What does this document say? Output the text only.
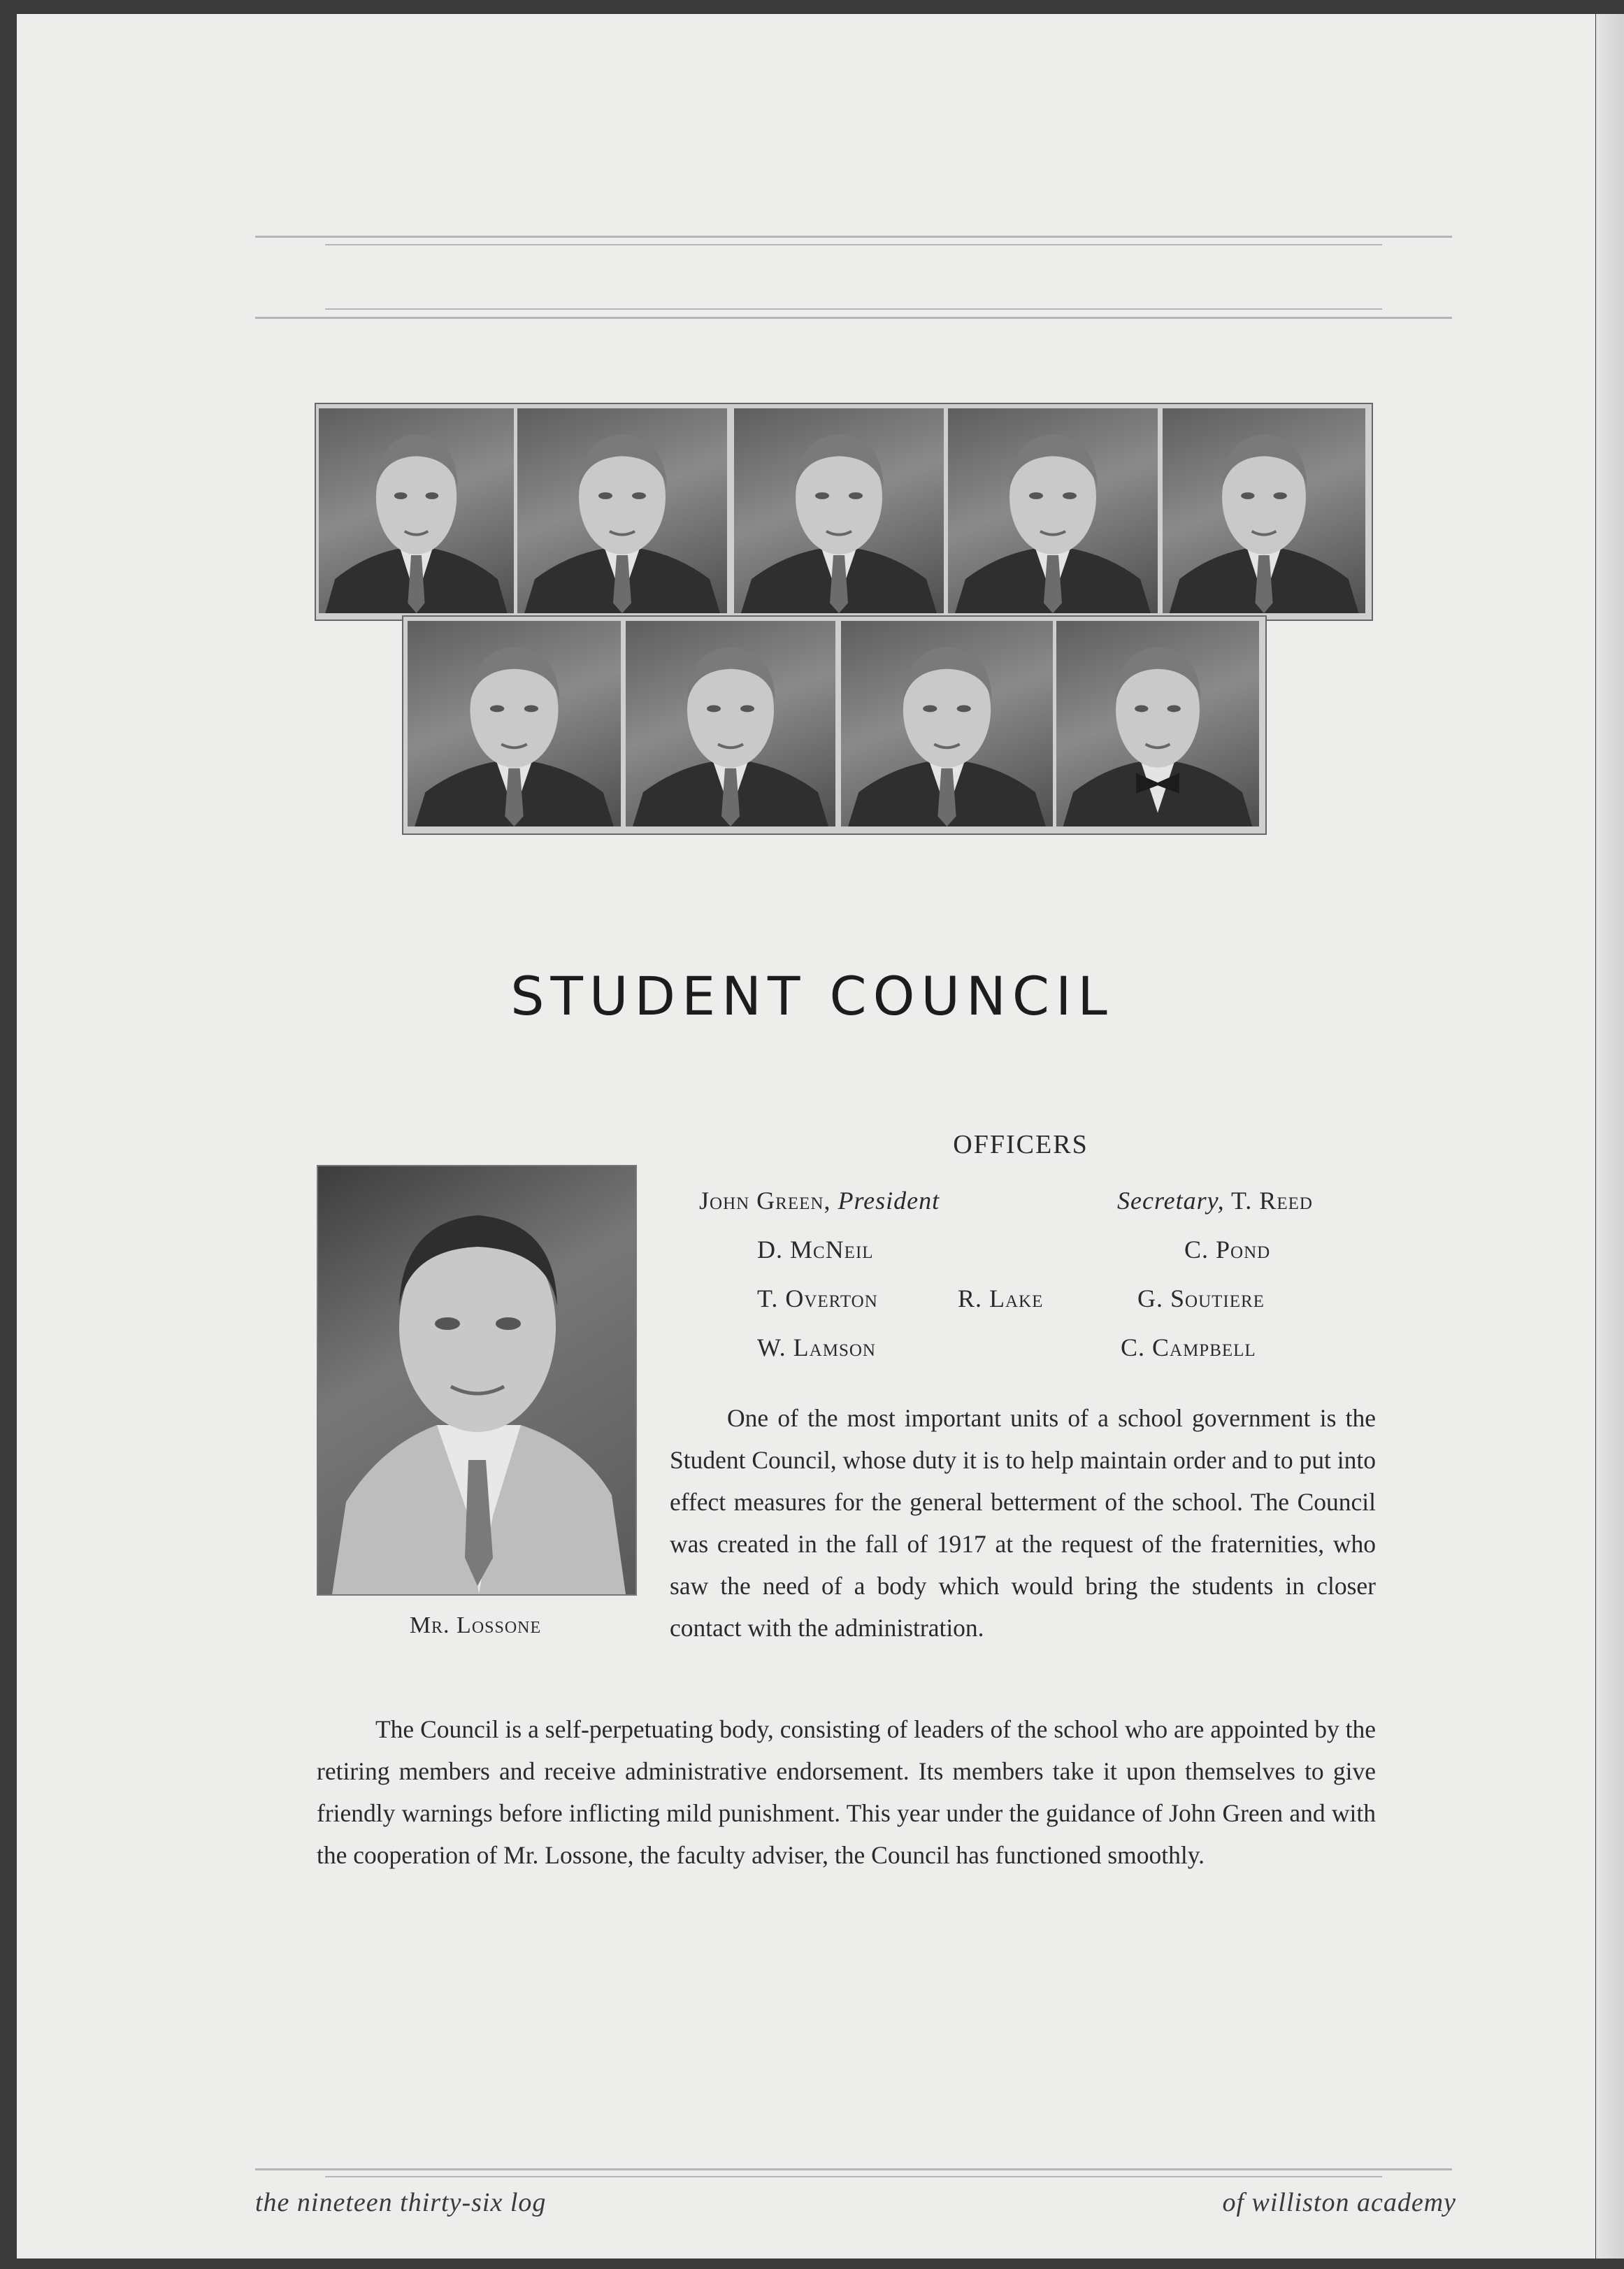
STUDENT COUNCIL
OFFICERS
John Green, President	Secretary, T. Reed
D. McNeil
T. Overton
W. Lamson
R. Lake
C. Pond
G. Soutiere
C. Campbell
Mr. Lossone

One of the most important units of a school government is the Student Council, whose duty it is to help maintain order and to put into effect measures for the general betterment of the school. The Council was created in the fall of 1917 at the request of the fraternities, who saw the need of a body which would bring the students in closer contact with the administration.

The Council is a self-perpetuating body, consisting of leaders of the school who are appointed by the retiring members and receive administrative endorsement. Its members take it upon themselves to give friendly warnings before inflicting mild punishment. This year under the guidance of John Green and with the cooperation of Mr. Lossone, the faculty adviser, the Council has functioned smoothly.

the nineteen thirty-six log	of williston academy
